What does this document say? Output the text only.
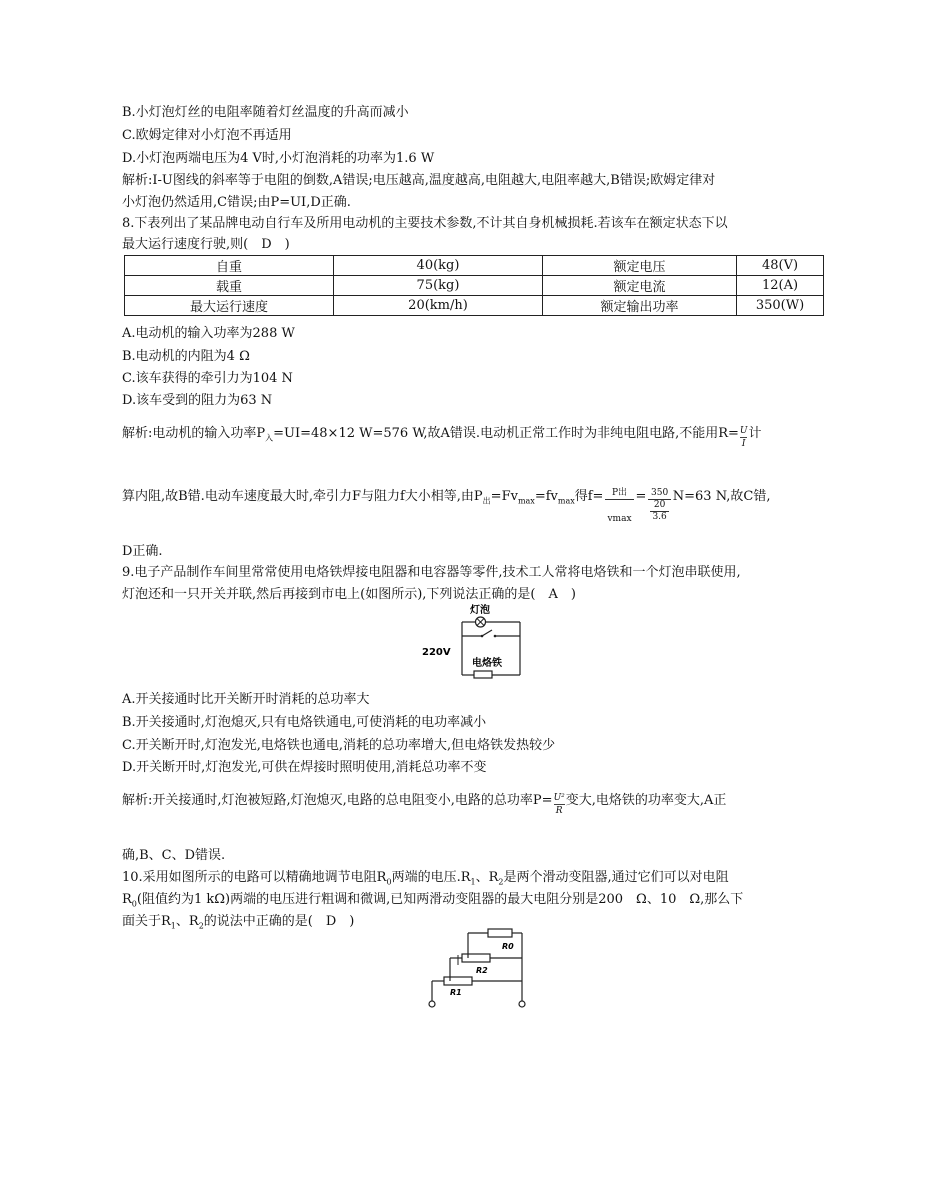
B.小灯泡灯丝的电阻率随着灯丝温度的升高而减小
C.欧姆定律对小灯泡不再适用
D.小灯泡两端电压为4 V时,小灯泡消耗的功率为1.6 W
解析:I-U图线的斜率等于电阻的倒数,A错误;电压越高,温度越高,电阻越大,电阻率越大,B错误;欧姆定律对
小灯泡仍然适用,C错误;由P=UI,D正确.
8.下表列出了某品牌电动自行车及所用电动机的主要技术参数,不计其自身机械损耗.若该车在额定状态下以
最大运行速度行驶,则(　D　)
自重	40(kg)	额定电压	48(V)
载重	75(kg)	额定电流	12(A)
最大运行速度	20(km/h)	额定输出功率	350(W)
A.电动机的输入功率为288 W
B.电动机的内阻为4 Ω
C.该车获得的牵引力为104 N
D.该车受到的阻力为63 N
解析:电动机的输入功率$P_入=UI=48\times 12$ W=576 W,故A错误.电动机正常工作时为非纯电阻电路,不能用$R= \frac{U}{I}$ 计
算内阻,故B错.电动车速度最大时,牵引力F与阻力f大小相等,由$P_出=Fv_{max}=fv_{max}$得$f= \frac{\text{P出}}{vmax} = \frac{350}{\frac{20}{3.6}} N=63$ N,故C错,
D正确.
9.电子产品制作车间里常常使用电烙铁焊接电阻器和电容器等零件,技术工人常将电烙铁和一个灯泡串联使用,
灯泡还和一只开关并联,然后再接到市电上(如图所示),下列说法正确的是(　A　)
灯泡
电烙铁
220V
A.开关接通时比开关断开时消耗的总功率大
B.开关接通时,灯泡熄灭,只有电烙铁通电,可使消耗的电功率减小
C.开关断开时,灯泡发光,电烙铁也通电,消耗的总功率增大,但电烙铁发热较少
D.开关断开时,灯泡发光,可供在焊接时照明使用,消耗总功率不变
解析:开关接通时,灯泡被短路,灯泡熄灭,电路的总电阻变小,电路的总功率$P= \frac{\text{U²}}{R}$ 变大,电烙铁的功率变大,A正
确,B、C、D错误.
10.采用如图所示的电路可以精确地调节电阻$R_0$两端的电压$.R_1$、$R_2$是两个滑动变阻器,通过它们可以对电阻
$R_0$(阻值约为1 kΩ)两端的电压进行粗调和微调,已知两滑动变阻器的最大电阻分别是200　Ω、10　Ω,那么下
面关于$R_1$、$R_2$的说法中正确的是(　D　)
R0
R2
R1
